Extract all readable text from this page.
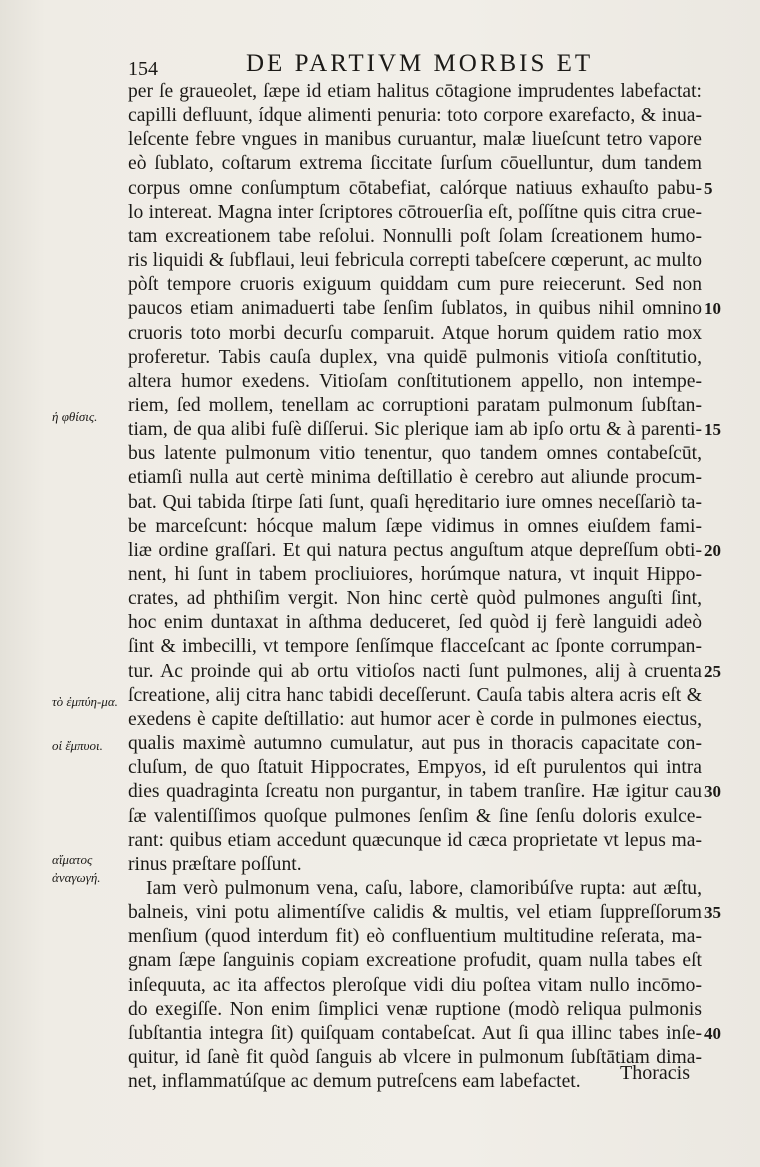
154	DE PARTIVM MORBIS ET
per ſe graueolet, ſæpe id etiam halitus cōtagione imprudentes labefactat:
capilli defluunt, ídque alimenti penuria: toto corpore exarefacto, & inua-
leſcente febre vngues in manibus curuantur, malæ liueſcunt tetro vapore
eò ſublato, coſtarum extrema ſiccitate ſurſum cōuelluntur, dum tandem
corpus omne conſumptum cōtabefiat, calórque natiuus exhauſto pabu-
lo intereat. Magna inter ſcriptores cōtrouerſia eſt, poſſítne quis citra crue-
tam excreationem tabe reſolui. Nonnulli poſt ſolam ſcreationem humo-
ris liquidi & ſubflaui, leui febricula correpti tabeſcere cœperunt, ac multo
pòſt tempore cruoris exiguum quiddam cum pure reiecerunt. Sed non
paucos etiam animaduerti tabe ſenſim ſublatos, in quibus nihil omnino
cruoris toto morbi decurſu comparuit. Atque horum quidem ratio mox
proferetur. Tabis cauſa duplex, vna quidē pulmonis vitioſa conſtitutio,
altera humor exedens. Vitioſam conſtitutionem appello, non intempe-
riem, ſed mollem, tenellam ac corruptioni paratam pulmonum ſubſtan-
tiam, de qua alibi fuſè diſſerui. Sic plerique iam ab ipſo ortu & à parenti-
bus latente pulmonum vitio tenentur, quo tandem omnes contabeſcūt,
etiamſi nulla aut certè minima deſtillatio è cerebro aut aliunde procum-
bat. Qui tabida ſtirpe ſati ſunt, quaſi hęreditario iure omnes neceſſariò ta-
be marceſcunt: hócque malum ſæpe vidimus in omnes eiuſdem fami-
liæ ordine graſſari. Et qui natura pectus anguſtum atque depreſſum obti-
nent, hi ſunt in tabem procliuiores, horúmque natura, vt inquit Hippo-
crates, ad phthiſim vergit. Non hinc certè quòd pulmones anguſti ſint,
hoc enim duntaxat in aſthma deduceret, ſed quòd ij ferè languidi adeò
ſint & imbecilli, vt tempore ſenſímque flacceſcant ac ſponte corrumpan-
tur. Ac proinde qui ab ortu vitioſos nacti ſunt pulmones, alij à cruenta
ſcreatione, alij citra hanc tabidi deceſſerunt. Cauſa tabis altera acris eſt &
exedens è capite deſtillatio: aut humor acer è corde in pulmones eiectus,
qualis maximè autumno cumulatur, aut pus in thoracis capacitate con-
cluſum, de quo ſtatuit Hippocrates, Empyos, id eſt purulentos qui intra
dies quadraginta ſcreatu non purgantur, in tabem tranſire. Hæ igitur cau
ſæ valentiſſimos quoſque pulmones ſenſim & ſine ſenſu doloris exulce-
rant: quibus etiam accedunt quæcunque id cæca proprietate vt lepus ma-
rinus præſtare poſſunt.
Iam verò pulmonum vena, caſu, labore, clamoribúſve rupta: aut æſtu,
balneis, vini potu alimentíſve calidis & multis, vel etiam ſuppreſſorum
menſium (quod interdum fit) eò confluentium multitudine reſerata, ma-
gnam ſæpe ſanguinis copiam excreatione profudit, quam nulla tabes eſt
inſequuta, ac ita affectos pleroſque vidi diu poſtea vitam nullo incōmo-
do exegiſſe. Non enim ſimplici venæ ruptione (modò reliqua pulmonis
ſubſtantia integra ſit) quiſquam contabeſcat. Aut ſi qua illinc tabes inſe-
quitur, id ſanè fit quòd ſanguis ab vlcere in pulmonum ſubſtātiam dima-
net, inflammatúſque ac demum putreſcens eam labefactet.
5
10
15
20
25
30
35
40
ἡ φθίσις.
τὸ ἐμπύη-μα.
οἱ ἔμπυοι.
αἵματος ἀναγωγή.
Thoracis
